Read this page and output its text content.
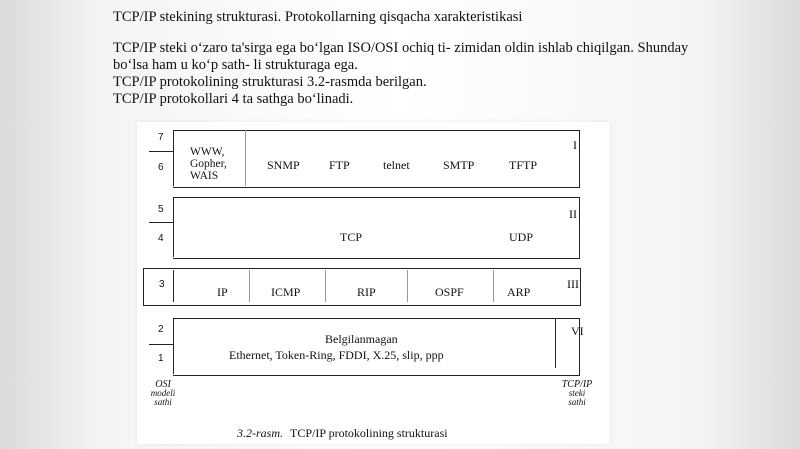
TCP/IP stekining strukturasi. Protokollarning qisqacha xarakteristikasi

TCP/IP steki o‘zaro ta'sirga ega bo‘lgan ISO/OSI ochiq ti- zimidan oldin ishlab chiqilgan. Shunday

bo‘lsa ham u ko‘p sath- li strukturaga ega.

TCP/IP protokolining strukturasi 3.2-rasmda berilgan.

TCP/IP protokollari 4 ta sathga bo‘linadi.

7
6
WWW,
Gopher,
WAIS
SNMP FTP	telnet	SMTP	TFTP
I
5
4	TCP	UDP
II
3
IP	ICMP	RIP	OSPF	ARP
III
2
1
Belgilanmagan
Ethernet, Token-Ring, FDDI, X.25, slip, ppp
VI
OSI
modeli
sathi
TCP/IP
steki
sathi
3.2-rasm. TCP/IP protokolining strukturasi
